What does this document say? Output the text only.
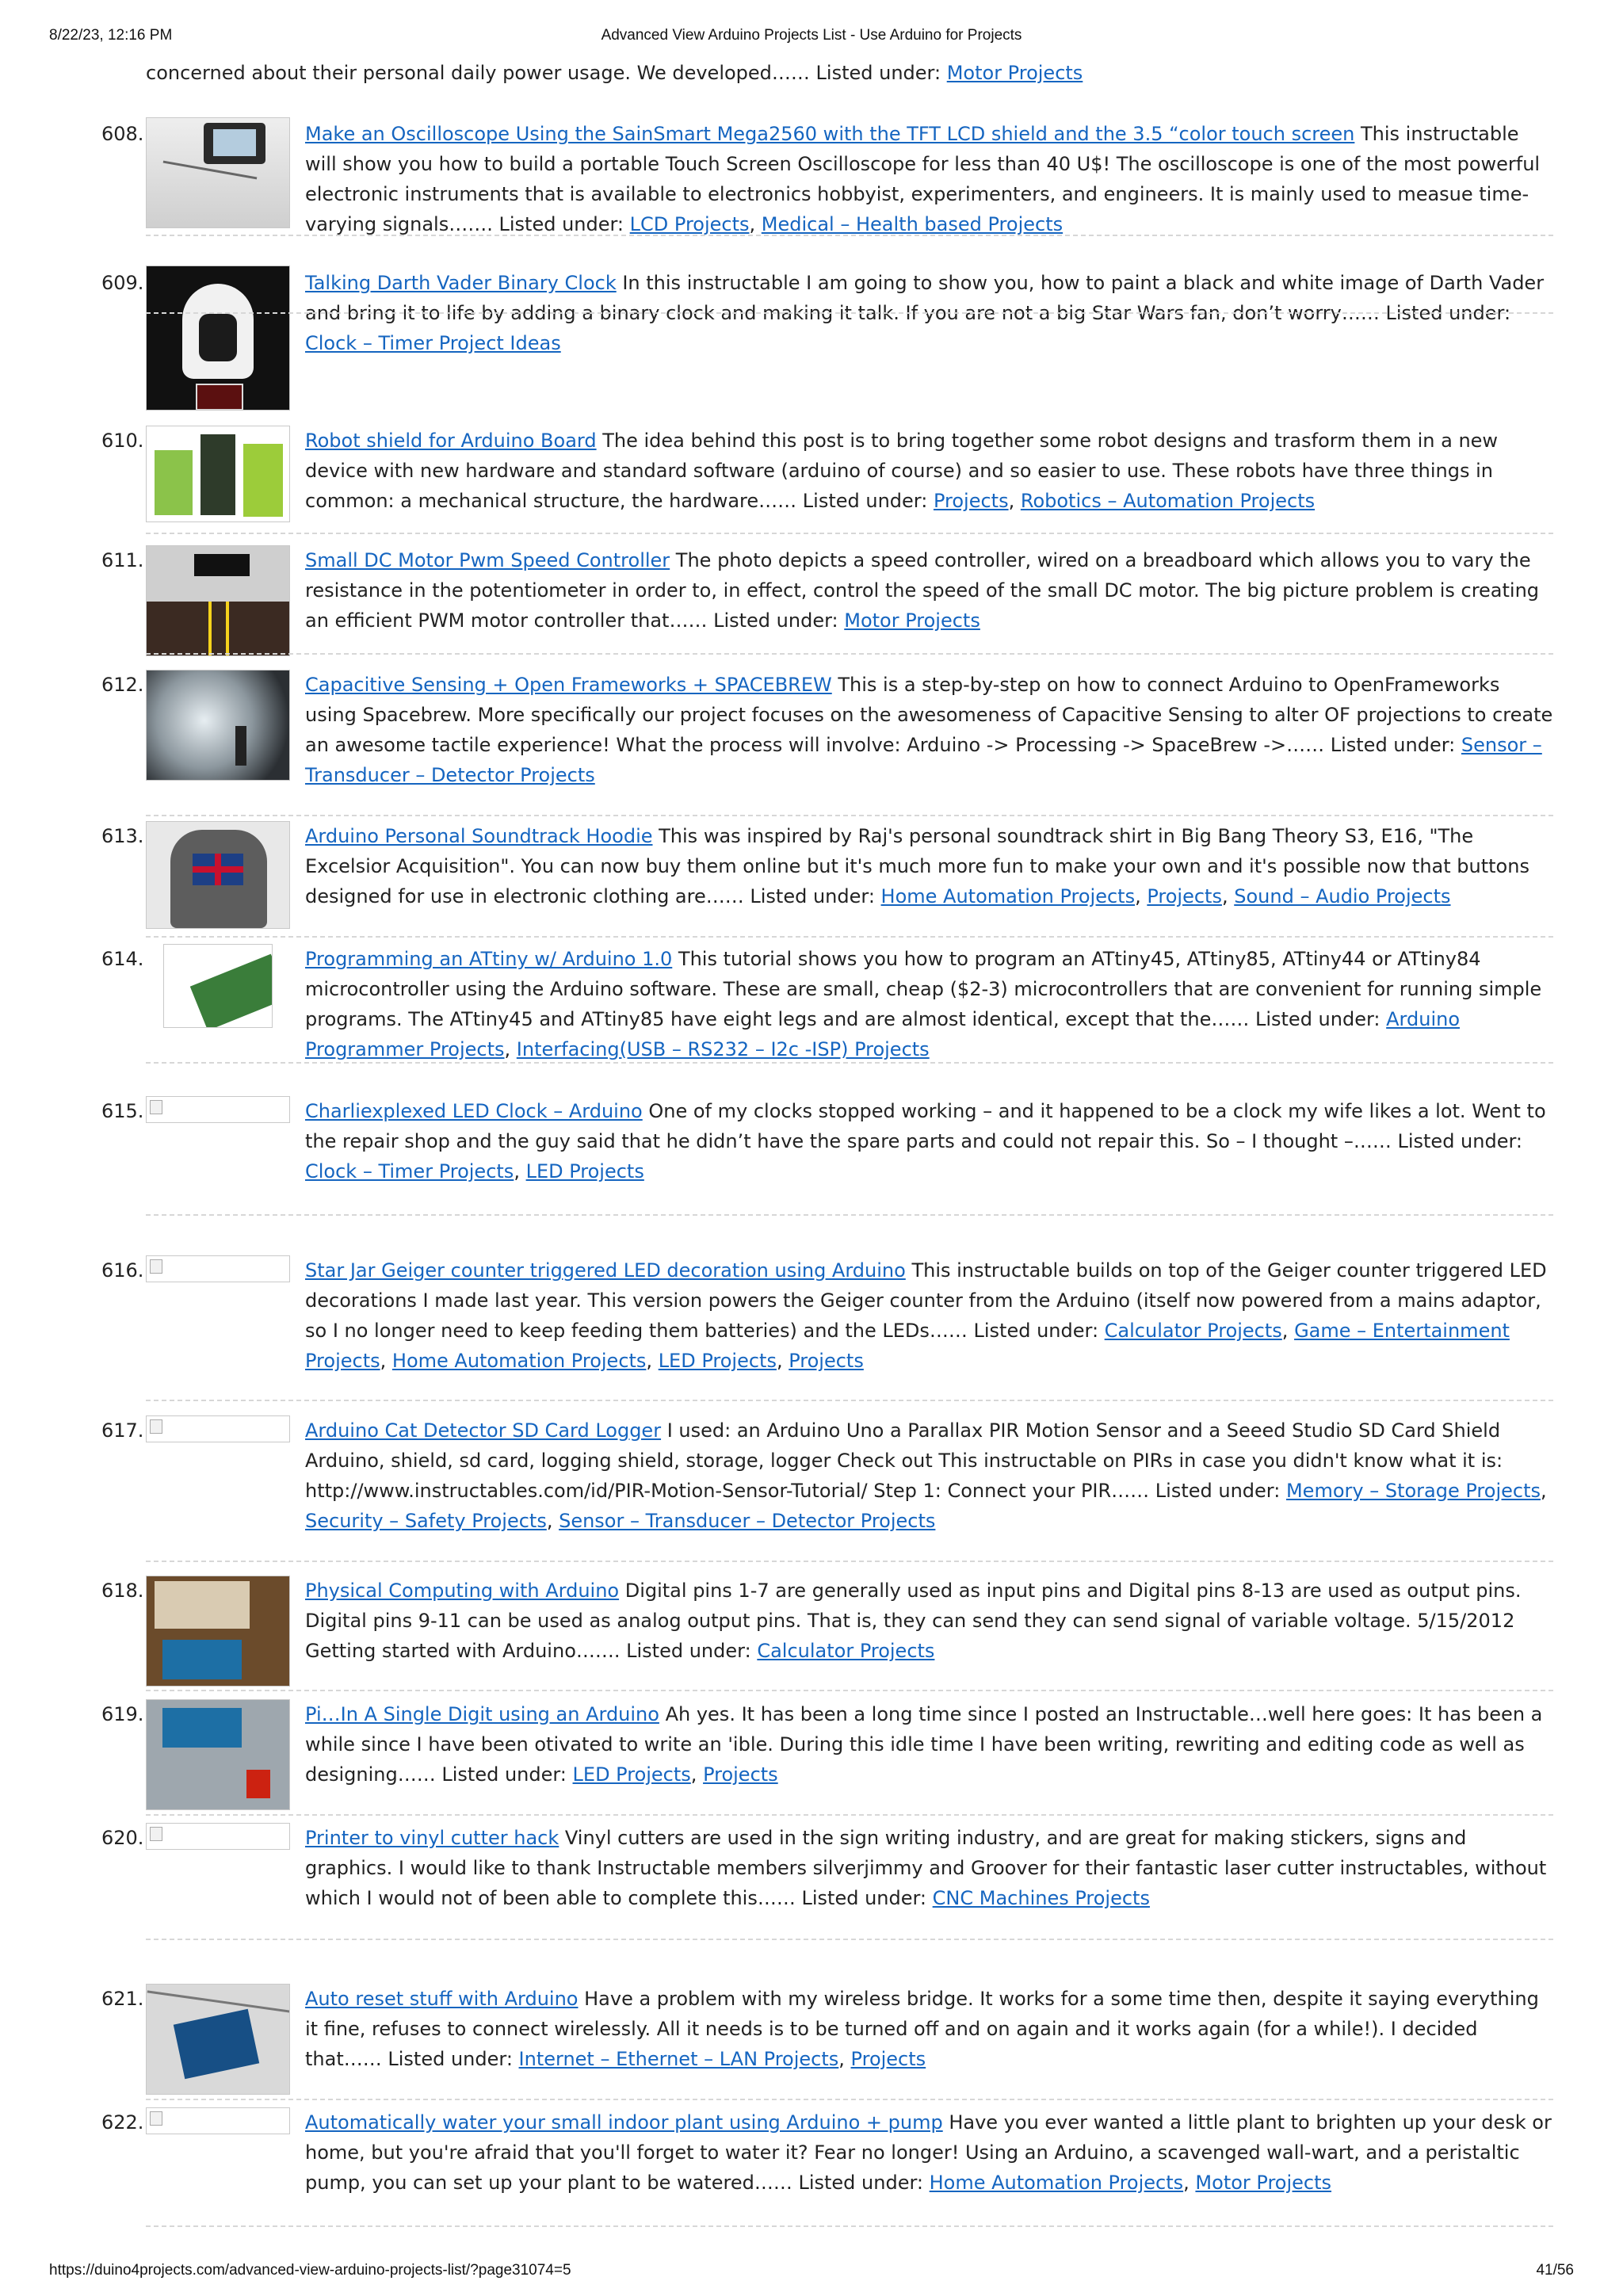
8/22/23, 12:16 PM	Advanced View Arduino Projects List - Use Arduino for Projects
concerned about their personal daily power usage. We developed…… Listed under: Motor Projects
608.	Make an Oscilloscope Using the SainSmart Mega2560 with the TFT LCD shield and the 3.5 “color touch screen This instructable will show you how to build a portable Touch Screen Oscilloscope for less than 40 U$! The oscilloscope is one of the most powerful electronic instruments that is available to electronics hobbyist, experimenters, and engineers. It is mainly used to measue time-varying signals……. Listed under: LCD Projects, Medical – Health based Projects
609.	Talking Darth Vader Binary Clock In this instructable I am going to show you, how to paint a black and white image of Darth Vader and bring it to life by adding a binary clock and making it talk. If you are not a big Star Wars fan, don’t worry…… Listed under: Clock – Timer Project Ideas
610.	Robot shield for Arduino Board The idea behind this post is to bring together some robot designs and trasform them in a new device with new hardware and standard software (arduino of course) and so easier to use. These robots have three things in common: a mechanical structure, the hardware…… Listed under: Projects, Robotics – Automation Projects
611.	Small DC Motor Pwm Speed Controller The photo depicts a speed controller, wired on a breadboard which allows you to vary the resistance in the potentiometer in order to, in effect, control the speed of the small DC motor. The big picture problem is creating an efficient PWM motor controller that…… Listed under: Motor Projects
612.	Capacitive Sensing + Open Frameworks + SPACEBREW This is a step-by-step on how to connect Arduino to OpenFrameworks using Spacebrew. More specifically our project focuses on the awesomeness of Capacitive Sensing to alter OF projections to create an awesome tactile experience! What the process will involve: Arduino -> Processing -> SpaceBrew ->…… Listed under: Sensor – Transducer – Detector Projects
613.	Arduino Personal Soundtrack Hoodie This was inspired by Raj's personal soundtrack shirt in Big Bang Theory S3, E16, "The Excelsior Acquisition". You can now buy them online but it's much more fun to make your own and it's possible now that buttons designed for use in electronic clothing are…… Listed under: Home Automation Projects, Projects, Sound – Audio Projects
614.	Programming an ATtiny w/ Arduino 1.0 This tutorial shows you how to program an ATtiny45, ATtiny85, ATtiny44 or ATtiny84 microcontroller using the Arduino software. These are small, cheap ($2-3) microcontrollers that are convenient for running simple programs. The ATtiny45 and ATtiny85 have eight legs and are almost identical, except that the…… Listed under: Arduino Programmer Projects, Interfacing(USB – RS232 – I2c -ISP) Projects
615.	Charliexplexed LED Clock – Arduino One of my clocks stopped working – and it happened to be a clock my wife likes a lot. Went to the repair shop and the guy said that he didn’t have the spare parts and could not repair this. So – I thought –…… Listed under: Clock – Timer Projects, LED Projects
616.	Star Jar Geiger counter triggered LED decoration using Arduino This instructable builds on top of the Geiger counter triggered LED decorations I made last year. This version powers the Geiger counter from the Arduino (itself now powered from a mains adaptor, so I no longer need to keep feeding them batteries) and the LEDs…… Listed under: Calculator Projects, Game – Entertainment Projects, Home Automation Projects, LED Projects, Projects
617.	Arduino Cat Detector SD Card Logger I used: an Arduino Uno a Parallax PIR Motion Sensor and a Seeed Studio SD Card Shield Arduino, shield, sd card, logging shield, storage, logger Check out This instructable on PIRs in case you didn't know what it is: http://www.instructables.com/id/PIR-Motion-Sensor-Tutorial/ Step 1: Connect your PIR…… Listed under: Memory – Storage Projects, Security – Safety Projects, Sensor – Transducer – Detector Projects
618.	Physical Computing with Arduino Digital pins 1-7 are generally used as input pins and Digital pins 8-13 are used as output pins. Digital pins 9-11 can be used as analog output pins. That is, they can send they can send signal of variable voltage. 5/15/2012 Getting started with Arduino……. Listed under: Calculator Projects
619.	Pi…In A Single Digit using an Arduino Ah yes. It has been a long time since I posted an Instructable…well here goes: It has been a while since I have been otivated to write an 'ible. During this idle time I have been writing, rewriting and editing code as well as designing…… Listed under: LED Projects, Projects
620.	Printer to vinyl cutter hack Vinyl cutters are used in the sign writing industry, and are great for making stickers, signs and graphics. I would like to thank Instructable members silverjimmy and Groover for their fantastic laser cutter instructables, without which I would not of been able to complete this…… Listed under: CNC Machines Projects
621.	Auto reset stuff with Arduino Have a problem with my wireless bridge. It works for a some time then, despite it saying everything it fine, refuses to connect wirelessly. All it needs is to be turned off and on again and it works again (for a while!). I decided that…… Listed under: Internet – Ethernet – LAN Projects, Projects
622.	Automatically water your small indoor plant using Arduino + pump Have you ever wanted a little plant to brighten up your desk or home, but you're afraid that you'll forget to water it? Fear no longer! Using an Arduino, a scavenged wall-wart, and a peristaltic pump, you can set up your plant to be watered…… Listed under: Home Automation Projects, Motor Projects
https://duino4projects.com/advanced-view-arduino-projects-list/?page31074=5	41/56
